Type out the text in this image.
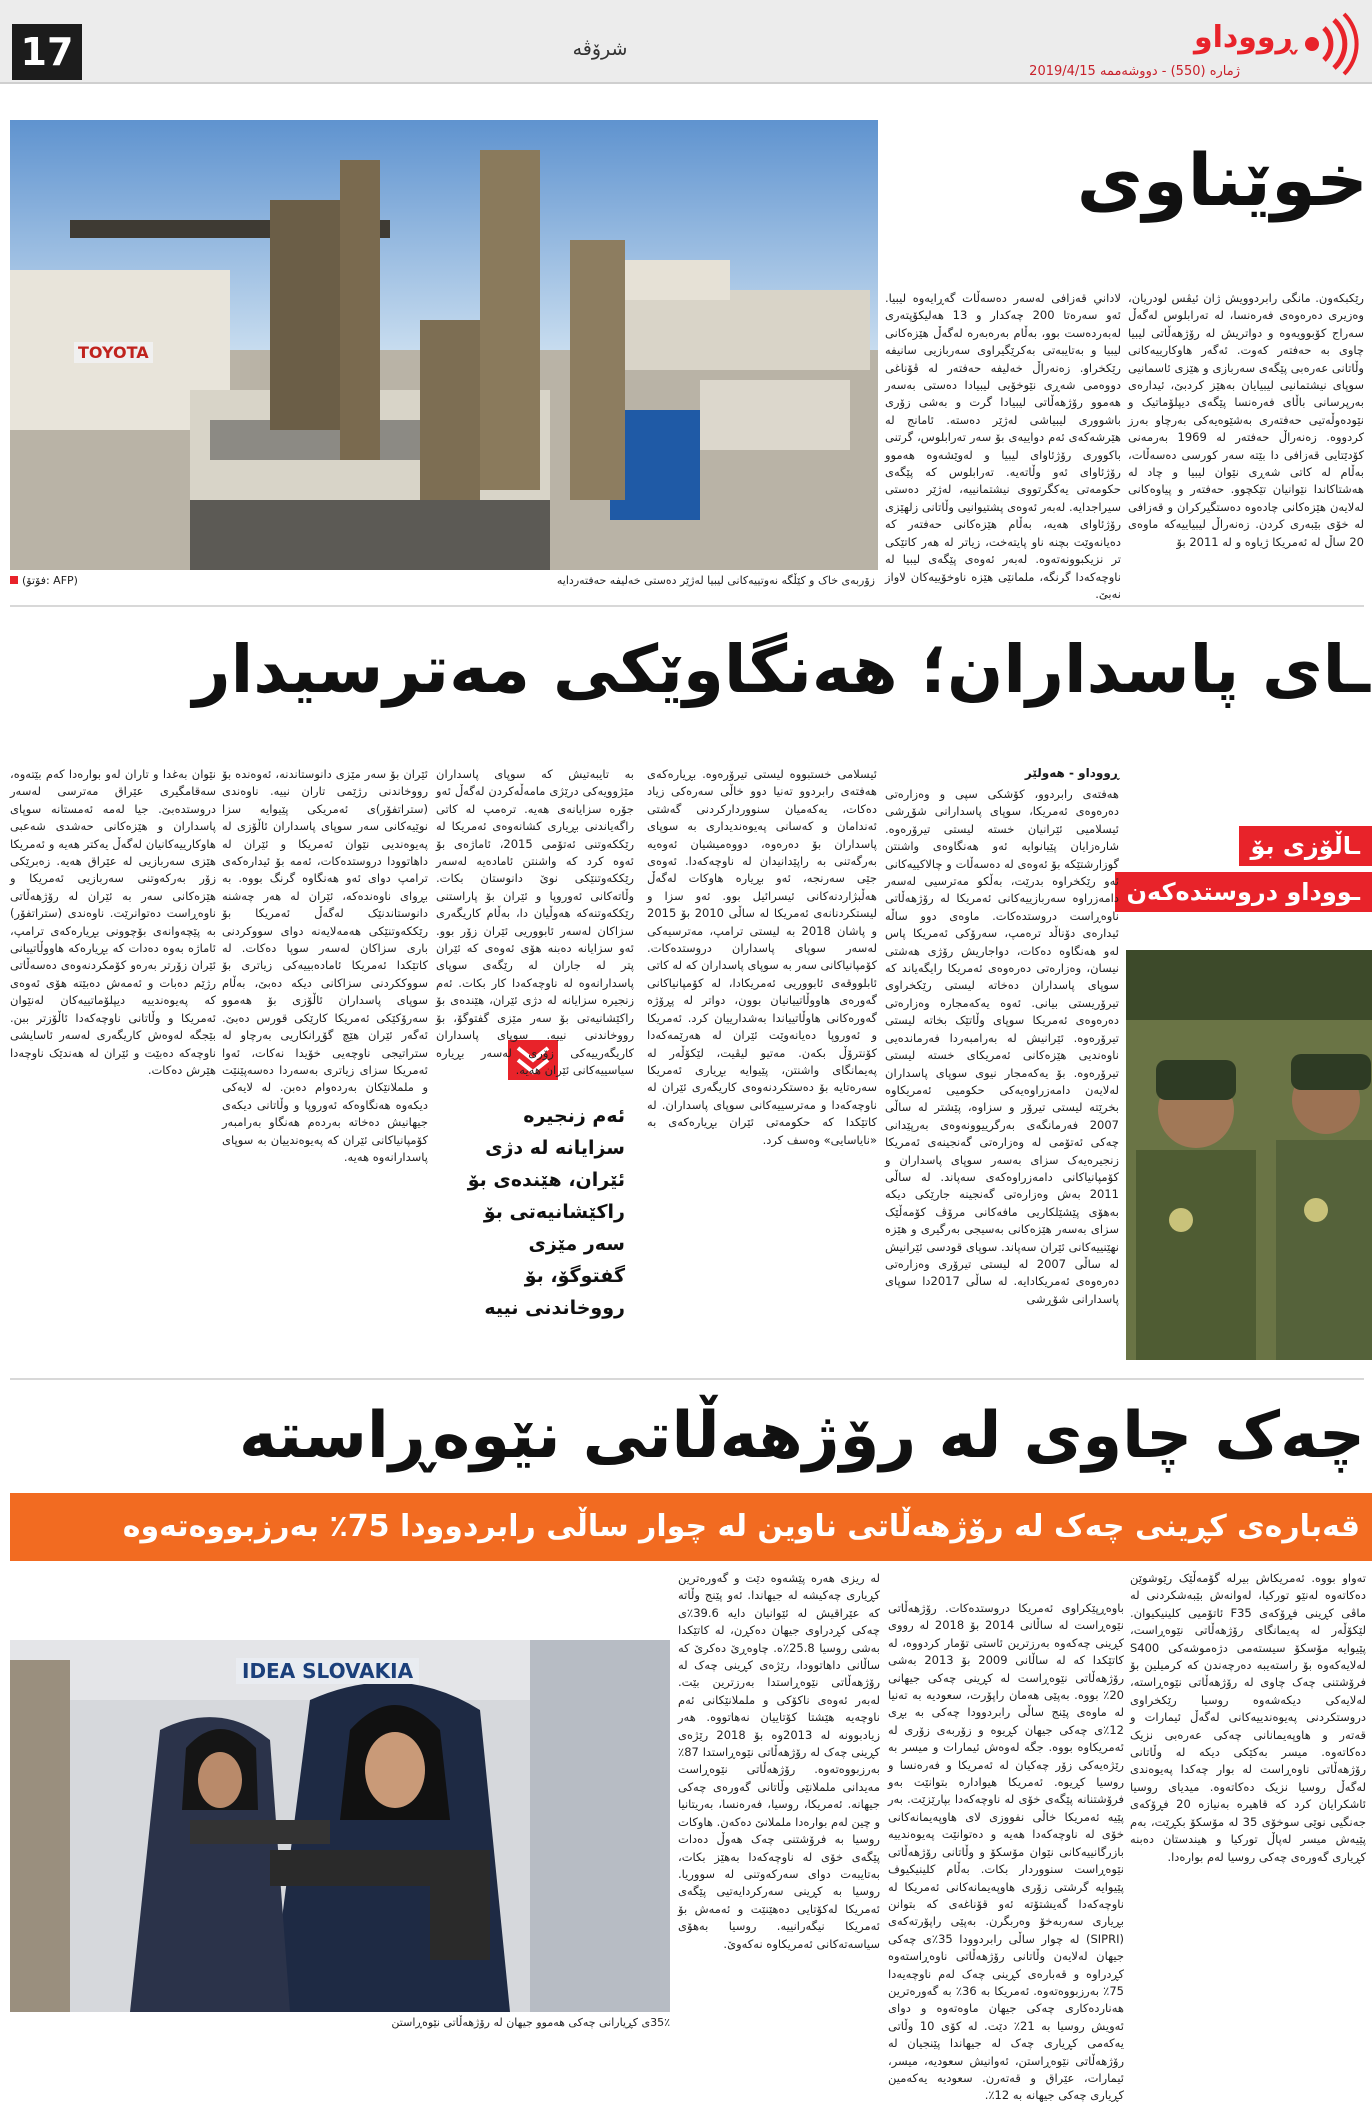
17	شرۆڤە
ژمارە (550) - دووشەممە 2019/4/15
ڕووداو
خوێناوی
TOYOTA
زۆربەی خاک و کێڵگە نەوتییەکانی لیبیا لەژێر دەستی خەلیفە حەفتەردایە
(فۆتۆ: AFP)
رێکبکەون. مانگی رابردوویش ژان ئیڤس لودریان، وەزیری دەرەوەی فەرەنسا، لە تەرابلوس لەگەڵ سەراج کۆبوویەوە و دواتریش لە رۆژهەڵاتی لیبیا چاوی بە حەفتەر کەوت. ئەگەر هاوکارییەکانی وڵاتانی عەرەبی پێگەی سەربازی و هێزی ئاسمانیی سوپای نیشتمانیی لیبیایان بەهێز کردبێ، ئیدارەی بەرپرسانی باڵای فەرەنسا پێگەی دیپلۆماتیک و نێودەوڵەتیی حەفتەری بەشێوەیەکی بەرچاو بەرز کردووە. زەنەراڵ حەفتەر لە 1969 بەرمەنی کۆدێتایی قەزافی دا بێتە سەر کورسی دەسەڵات، بەڵام لە کاتی شەڕی نێوان لیبیا و چاد لە هەشتاکاندا نێوانیان تێکچوو. حەفتەر و پیاوەکانی لەلایەن هێزەکانی چادەوە دەستگیرکران و قەزافی لە خۆی بێبەری کردن. زەنەراڵ لیبیاییەکە ماوەی 20 ساڵ لە ئەمریکا ژیاوە و لە 2011 بۆ
لاداني قەزافی لەسەر دەسەڵات گەڕایەوە لیبیا. ئەو سەرەتا 200 چەکدار و 13 هەلیکۆپتەری لەبەردەست بوو، بەڵام بەرەبەرە لەگەڵ هێزەکانی لیبیا و بەتایبەتی بەکرێگیراوی سەربازیی سانیفە رێکخراو. زەنەراڵ خەلیفە حەفتەر لە ڤۆناغی دووەمی شەڕی نێوخۆیی لیبیادا دەستی بەسەر هەموو رۆژهەڵاتی لیبیادا گرت و بەشی زۆری باشووری لیبیاشی لەژێر دەستە. ئامانج لە هێرشەکەی ئەم دواییەی بۆ سەر تەرابلوس، گرتنی باکووری رۆژئاوای لیبیا و لەوێشەوە هەموو رۆژئاوای ئەو وڵاتەیە. تەرابلوس کە پێگەی حکومەتی یەکگرتووی نیشتمانییە، لەژێر دەستی سیراجدایە. لەبەر ئەوەی پشتیوانیی وڵاتانی زلهێزی رۆژئاوای هەیە، بەڵام هێزەکانی حەفتەر کە دەیانەوێت بچنە ناو پایتەخت، زیاتر لە هەر کاتێکی تر نزیکبوونەتەوە. لەبەر ئەوەی پێگەی لیبیا لە ناوچەکەدا گرنگە، ملمانێی هێزە ناوخۆییەکان لاواز نەبێ.
ـای پاسداران؛ هەنگاوێکی مەترسیدار
ـاڵۆزی بۆ
ـووداو دروستدەکەن
ڕووداو - هەولێر
هەفتەی رابردوو، کۆشکی سپی و وەزارەتی دەرەوەی ئەمریکا، سوپای پاسدارانی شۆڕشی ئیسلامیی ئێرانیان خستە لیستی تیرۆرەوە. شارەزایان پێیانوایە ئەو هەنگاوەی واشنتن گوزارشتێکە بۆ ئەوەی لە دەسەڵات و چالاکییەکانی ئەو رێکخراوە بدرێت، بەڵکو مەترسیی لەسەر دامەزراوە سەربازییەکانی ئەمریکا لە رۆژهەڵاتی ناوەڕاست دروستدەکات. ماوەی دوو ساڵە ئیدارەی دۆناڵد ترەمپ، سەرۆکی ئەمریکا پاس لەو هەنگاوە دەکات، دواجاریش رۆژی هەشتی نیسان، وەزارەتی دەرەوەی ئەمریکا رایگەیاند کە سوپای پاسداران دەخاتە لیستی رێکخراوی تیرۆریستی بیانی. ئەوە یەکەمجارە وەزارەتی دەرەوەی ئەمریکا سوپای وڵاتێک بخاتە لیستی تیرۆرەوە. ئێرانیش لە بەرامبەردا فەرماندەیی ناوەندیی هێزەکانی ئەمریکای خستە لیستی تیرۆرەوە. بۆ یەکەمجار نیوی سوپای پاسداران لەلایەن دامەزراوەیەکی حکومیی ئەمریکاوە بخرێتە لیستی تیرۆر و سزاوە، پێشتر لە ساڵی 2007 فەرمانگەی بەرگرییوونەوەی بەرپێدانی چەکی ئەتۆمی لە وەزارەتی گەنجینەی ئەمریکا زنجیرەیەک سزای بەسەر سوپای پاسداران و کۆمپانیاکانی دامەزراوەکەی سەپاند. لە ساڵی 2011 بەش وەزارەتی گەنجینە جارێکی دیکە بەهۆی پێشێلکاریی مافەکانی مرۆڤ کۆمەڵێک سزای بەسەر هێزەکانی بەسیجی بەرگیری و هێزە نهێنییەکانی ئێران سەپاند. سوپای قودسی ئێرانیش لە ساڵی 2007 لە لیستی تیرۆری وەزارەتی دەرەوەی ئەمریکادایە. لە ساڵی 2017دا سوپای پاسدارانی شۆڕشی
ئیسلامی خستبووە لیستی تیرۆرەوە. بڕیارەکەی هەفتەی رابردوو تەنیا دوو خاڵی سەرەکی زیاد دەکات، یەکەمیان سنووردارکردنی گەشتی ئەندامان و کەسانی پەیوەندیداری بە سوپای پاسداران بۆ دەرەوە، دووەمیشیان ئەوەیە بەرگەتنی بە راپێدانیدان لە ناوچەکەدا. ئەوەی جێی سەرنجە، ئەو بڕیارە هاوکات لەگەڵ هەڵبژاردنەکانی ئیسرائیل بوو. ئەو سزا و لیستکردنانەی ئەمریکا لە ساڵی 2010 بۆ 2015 و پاشان 2018 بە لیستی ترامپ، مەترسیەکی لەسەر سوپای پاسداران دروستدەکات. کۆمپانیاکانی سەر بە سوپای پاسداران کە لە کاتی ئابلووقەی ئابووریی ئەمریکادا، لە کۆمپانیاکانی گەورەی هاووڵاتییانیان بوون، دواتر لە پڕۆژە گەورەکانی هاوڵاتییاندا بەشدارییان کرد. ئەمریکا و ئەوروپا دەیانەوێت ئێران لە هەرێمەکەدا کۆنترۆڵ بکەن. مەتیو لیڤیت، لێکۆڵەر لە پەیمانگای واشنتن، پێیوایە بڕیاری ئەمریکا سەرەتایە بۆ دەستکردنەوەی کاریگەری ئێران لە ناوچەکەدا و مەترسییەکانی سوپای پاسداران. لە کاتێکدا کە حکومەتی ئێران بڕیارەکەی بە «نایاسایی» وەسف کرد.
ئەم زنجیرە سزایانە لە دژی ئێران، هێندەی بۆ راکێشانیەتی بۆ سەر مێزی گفتوگۆ، بۆ رووخاندنی نییە
بە تایبەتیش کە سوپای پاسداران مێژوویەکی درێژی مامەڵەکردن لەگەڵ ئەو جۆرە سزایانەی هەیە. ترەمپ لە کاتی راگەیاندنی بڕیاری کشانەوەی ئەمریکا لە رێککەوتنی ئەتۆمی 2015، ئاماژەی بۆ ئەوە کرد کە واشنتن ئامادەیە لەسەر رێککەوتنێکی نوێ دانوستان بکات. وڵاتەکانی ئەوروپا و ئێران بۆ پاراستنی رێککەوتنەکە هەوڵیان دا، بەڵام کاریگەری سزاکان لەسەر ئابووریی ئێران زۆر بوو. ئەو سزایانە دەبنە هۆی ئەوەی کە ئێران پتر لە جاران لە رێگەی سوپای پاسدارانەوە لە ناوچەکەدا کار بکات. ئەم زنجیرە سزایانە لە دژی ئێران، هێندەی بۆ راکێشانیەتی بۆ سەر مێزی گفتوگۆ، بۆ رووخاندنی نییە. سوپای پاسداران کاریگەرییەکی زۆری لەسەر بڕیارە سیاسییەکانی ئێران هەیە.
ئێران بۆ سەر مێزی دانوستاندنە، ئەوەندە بۆ رووخاندنی رژێمی تاران نییە. ناوەندی (ستراتفۆر)ی ئەمریکی پێیوایە سزا نوێیەکانی سەر سوپای پاسداران ئاڵۆزی لە پەیوەندیی نێوان ئەمریکا و ئێران لە داهاتوودا دروستدەکات، ئەمە بۆ ئیدارەکەی ترامپ دوای ئەو هەنگاوە گرنگ بووە. بە بڕوای ناوەندەکە، ئێران لە هەر چەشنە دانوستاندنێک لەگەڵ ئەمریکا بۆ رێککەوتنێکی هەمەلایەنە دوای سووکردنی باری سزاکان لەسەر سوپا دەکات. لە کاتێکدا ئەمریکا ئامادەبییەکی زیاتری بۆ سووککردنی سزاکانی دیکە دەبێ، بەڵام سوپای پاسداران ئاڵۆزی بۆ هەموو سەرۆکێکی ئەمریکا کارێکی قورس دەبێ. ئەگەر ئێران هێچ گۆڕانکاریی بەرچاو لە ستراتیجی ناوچەیی خۆیدا نەکات، ئەوا ئەمریکا سزای زیاتری بەسەردا دەسەپێنێت و ململانێکان بەردەوام دەبن. لە لایەکی دیکەوە هەنگاوەکە ئەوروپا و وڵاتانی دیکەی جیهانیش دەخاتە بەردەم هەنگاو بەرامبەر کۆمپانیاکانی ئێران کە پەیوەندییان بە سوپای پاسدارانەوە هەیە.
نێوان بەغدا و تاران لەو بوارەدا کەم بێتەوە، سەقامگیری عێراق مەترسی لەسەر دروستدەبێ. جیا لەمە ئەمستانە سوپای پاسداران و هێزەکانی حەشدی شەعبی هاوکارییەکانیان لەگەڵ یەکتر هەیە و ئەمریکا هێزی سەربازیی لە عێراق هەیە. زەبرێکی زۆر بەرکەوتنی سەربازیی ئەمریکا و هێزەکانی سەر بە ئێران لە رۆژهەڵاتی ناوەڕاست دەتوانرێت. ناوەندی (ستراتفۆر) بە پێچەوانەی بۆچوونی بڕیارەکەی ترامپ، ئاماژە بەوە دەدات کە بڕیارەکە هاووڵاتییانی ئێران زۆرتر بەرەو کۆمکردنەوەی دەسەڵاتی رژێم دەبات و ئەمەش دەبێتە هۆی ئەوەی کە پەیوەندییە دیپلۆماتییەکان لەنێوان ئەمریکا و وڵاتانی ناوچەکەدا ئاڵۆزتر ببن. بێجگە لەوەش کاریگەری لەسەر ئاسایشی ناوچەکە دەبێت و ئێران لە هەندێک ناوچەدا هێرش دەکات.
چەک چاوی لە رۆژهەڵاتی نێوەڕاستە
قەبارەی کڕینی چەک لە رۆژهەڵاتی ناوین لە چوار ساڵی رابردوودا 75٪ بەرزبووەتەوە
IDEA SLOVAKIA
35٪ی کڕیارانی چەکی هەموو جیهان لە رۆژهەڵاتی نێوەڕاستن
تەواو بووە. ئەمریکاش بیرلە گۆمەڵێک رێوشوێن دەکاتەوە لەنێو تورکیا، لەوانەش بێبەشکردنی لە ماڤی کڕینی فڕۆکەی F35 ئاتۆمیی کلینیکیوان. لێکۆڵەر لە پەیمانگای رۆژهەڵاتی نێوەڕاست، پێیوایە مۆسکۆ سیستەمی دژەموشەکی S400 لەلایەکەوە بۆ راستەیبە دەرچەندن کە کرمیلین بۆ فرۆشتنی چەک چاوی لە رۆژهەڵاتی نێوەڕاستە، لەلایەکی دیکەشەوە روسیا رێکخراوی دروستکردنی پەیوەندییەکانی لەگەڵ ئیمارات و قەتەر و هاوپەیمانانی چەکی عەرەبی نزیک دەکاتەوە. میسر بەکێکی دیکە لە وڵاتانی رۆژهەڵاتی ناوەڕاست لە بوار چەکدا پەیوەندی لەگەڵ روسیا نزیک دەکاتەوە. میدیای روسیا ئاشکرایان کرد کە قاهیرە بەنیازە 20 فڕۆکەی جەنگیی نوێی سوخۆی 35 لە مۆسکۆ بکڕێت، بەم پێیەش میسر لەپاڵ تورکیا و هیندستان دەبنە کڕیاری گەورەی چەکی روسیا لەم بوارەدا.
باوەڕپێکراوی ئەمریکا دروستدەکات. رۆژهەڵاتی نێوەڕاست لە ساڵانی 2014 بۆ 2018 لە رووی کڕینی چەکەوە بەرزترین ئاستی تۆمار کردووە، لە کاتێکدا کە لە ساڵانی 2009 بۆ 2013 بەشی رۆژهەڵاتی نێوەڕاست لە کڕینی چەکی جیهانی 20٪ بووە. بەپێی هەمان راپۆرت، سعودیە بە تەنیا لە ماوەی پێنج ساڵی رابردوودا چەکی بە بڕی 12٪ی چەکی جیهان کڕیوە و زۆربەی زۆری لە ئەمریکاوە بووە. جگە لەوەش ئیمارات و میسر بە رێژەیەکی زۆر چەکیان لە ئەمریکا و فەرەنسا و روسیا کڕیوە. ئەمریکا هیوادارە بتوانێت بەو فرۆشتنانە پێگەی خۆی لە ناوچەکەدا بپارێزێت. بەر پێیە ئەمریکا خاڵی نفووزی لای هاوپەیمانەکانی خۆی لە ناوچەکەدا هەیە و دەتوانێت پەیوەندییە بازرگانییەکانی نێوان مۆسکۆ و وڵاتانی رۆژهەڵاتی نێوەڕاست سنووردار بکات. بەڵام کلینیکیوف پێیوایە گرشتی زۆری هاوپەیمانەکانی ئەمریکا لە ناوچەکەدا گەیشتۆتە ئەو قۆناغەی کە بتوانن بڕیاری سەربەخۆ وەربگرن. بەپێی راپۆرتەکەی (SIPRI) لە چوار ساڵی رابردوودا 35٪ی چەکی جیهان لەلایەن وڵاتانی رۆژهەڵاتی ناوەڕاستەوە کڕدراوە و قەبارەی کڕینی چەک لەم ناوچەیەدا 75٪ بەرزبووەتەوە. ئەمریکا بە 36٪ بە گەورەترین هەناردەکاری چەکی جیهان ماوەتەوە و دوای ئەویش روسیا بە 21٪ دێت. لە کۆی 10 وڵاتی یەکەمی کڕیاری چەک لە جیهاندا پێنجیان لە رۆژهەڵاتی نێوەڕاستن، ئەوانیش سعودیە، میسر، ئیمارات، عێراق و قەتەرن. سعودیە یەکەمین کڕیاری چەکی جیهانە بە 12٪.
لە ریزی هەرە پێشەوە دێت و گەورەترین کڕیاری چەکیشە لە جیهاندا. ئەو پێنج وڵاتە کە عێراقیش لە ئێوانیان دایە 39.6٪ی چەکی کڕدراوی جیهان دەکڕن، لە کاتێکدا بەشی روسیا 25.8٪ە. چاوەڕێ دەکرێ کە ساڵانی داهاتوودا، رێژەی کڕینی چەک لە رۆژهەڵاتی نێوەڕاستدا بەرزترین بێت. لەبەر ئەوەی ناکۆکی و ململانێکانی ئەم ناوچەیە هێشتا کۆتاییان نەهاتووە. هەر زیادبوونە لە 2013وە بۆ 2018 رێژەی کڕینی چەک لە رۆژهەڵاتی نێوەڕاستدا 87٪ بەرزبووەتەوە. رۆژهەڵاتی نێوەڕاست مەیدانی ململانێی وڵاتانی گەورەی چەکی جیهانە. ئەمریکا، روسیا، فەرەنسا، بەریتانیا و چین لەم بوارەدا ململانێ دەکەن. هاوکات روسیا بە فرۆشتنی چەک هەوڵ دەدات پێگەی خۆی لە ناوچەکەدا بەهێز بکات، بەتایبەت دوای سەرکەوتنی لە سووریا. روسیا بە کڕینی سەرکردایەتیی پێگەی ئەمریکا لەکۆتایی دەهێنێت و ئەمەش بۆ ئەمریکا نیگەرانییە. روسیا بەهۆی سیاسەتەکانی ئەمریکاوە نەکەوێ.
